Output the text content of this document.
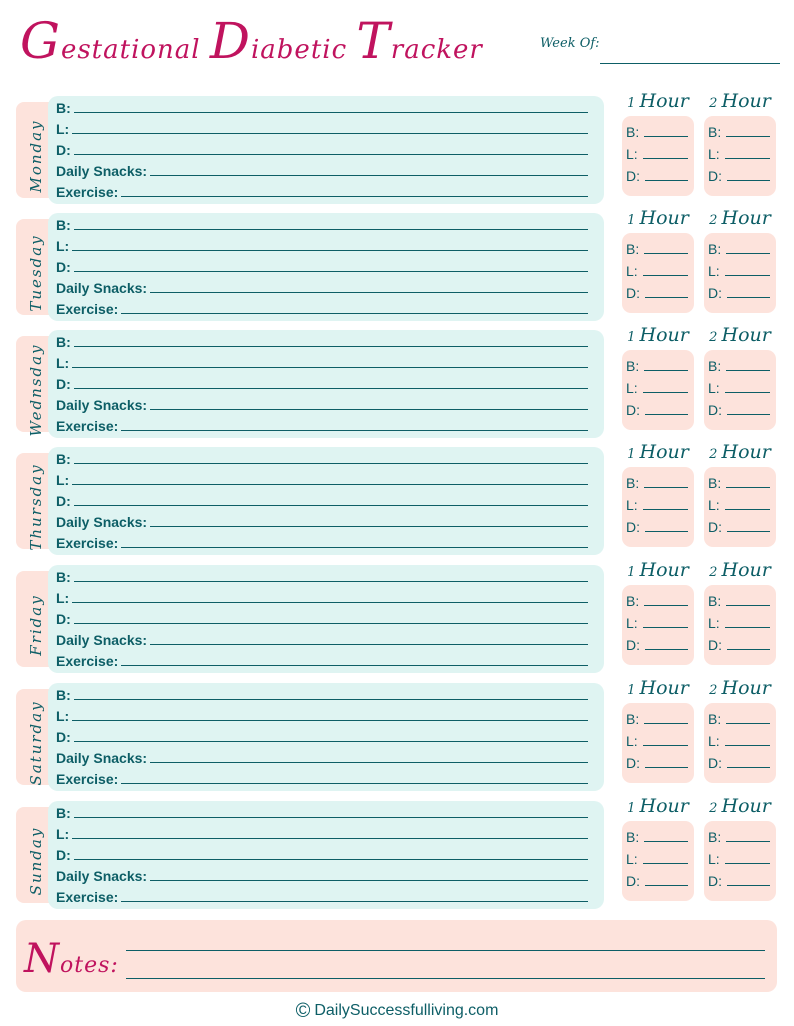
Gestational Diabetic Tracker	Week Of:
Monday
B:
L:
D:
Daily Snacks:
Exercise:
1 Hour
B:
L:
D:
2 Hour
B:
L:
D:
Tuesday
B:
L:
D:
Daily Snacks:
Exercise:
1 Hour
B:
L:
D:
2 Hour
B:
L:
D:
Wednsday
B:
L:
D:
Daily Snacks:
Exercise:
1 Hour
B:
L:
D:
2 Hour
B:
L:
D:
Thursday
B:
L:
D:
Daily Snacks:
Exercise:
1 Hour
B:
L:
D:
2 Hour
B:
L:
D:
Friday
B:
L:
D:
Daily Snacks:
Exercise:
1 Hour
B:
L:
D:
2 Hour
B:
L:
D:
Saturday
B:
L:
D:
Daily Snacks:
Exercise:
1 Hour
B:
L:
D:
2 Hour
B:
L:
D:
Sunday
B:
L:
D:
Daily Snacks:
Exercise:
1 Hour
B:
L:
D:
2 Hour
B:
L:
D:
Notes:
© DailySuccessfulliving.com
